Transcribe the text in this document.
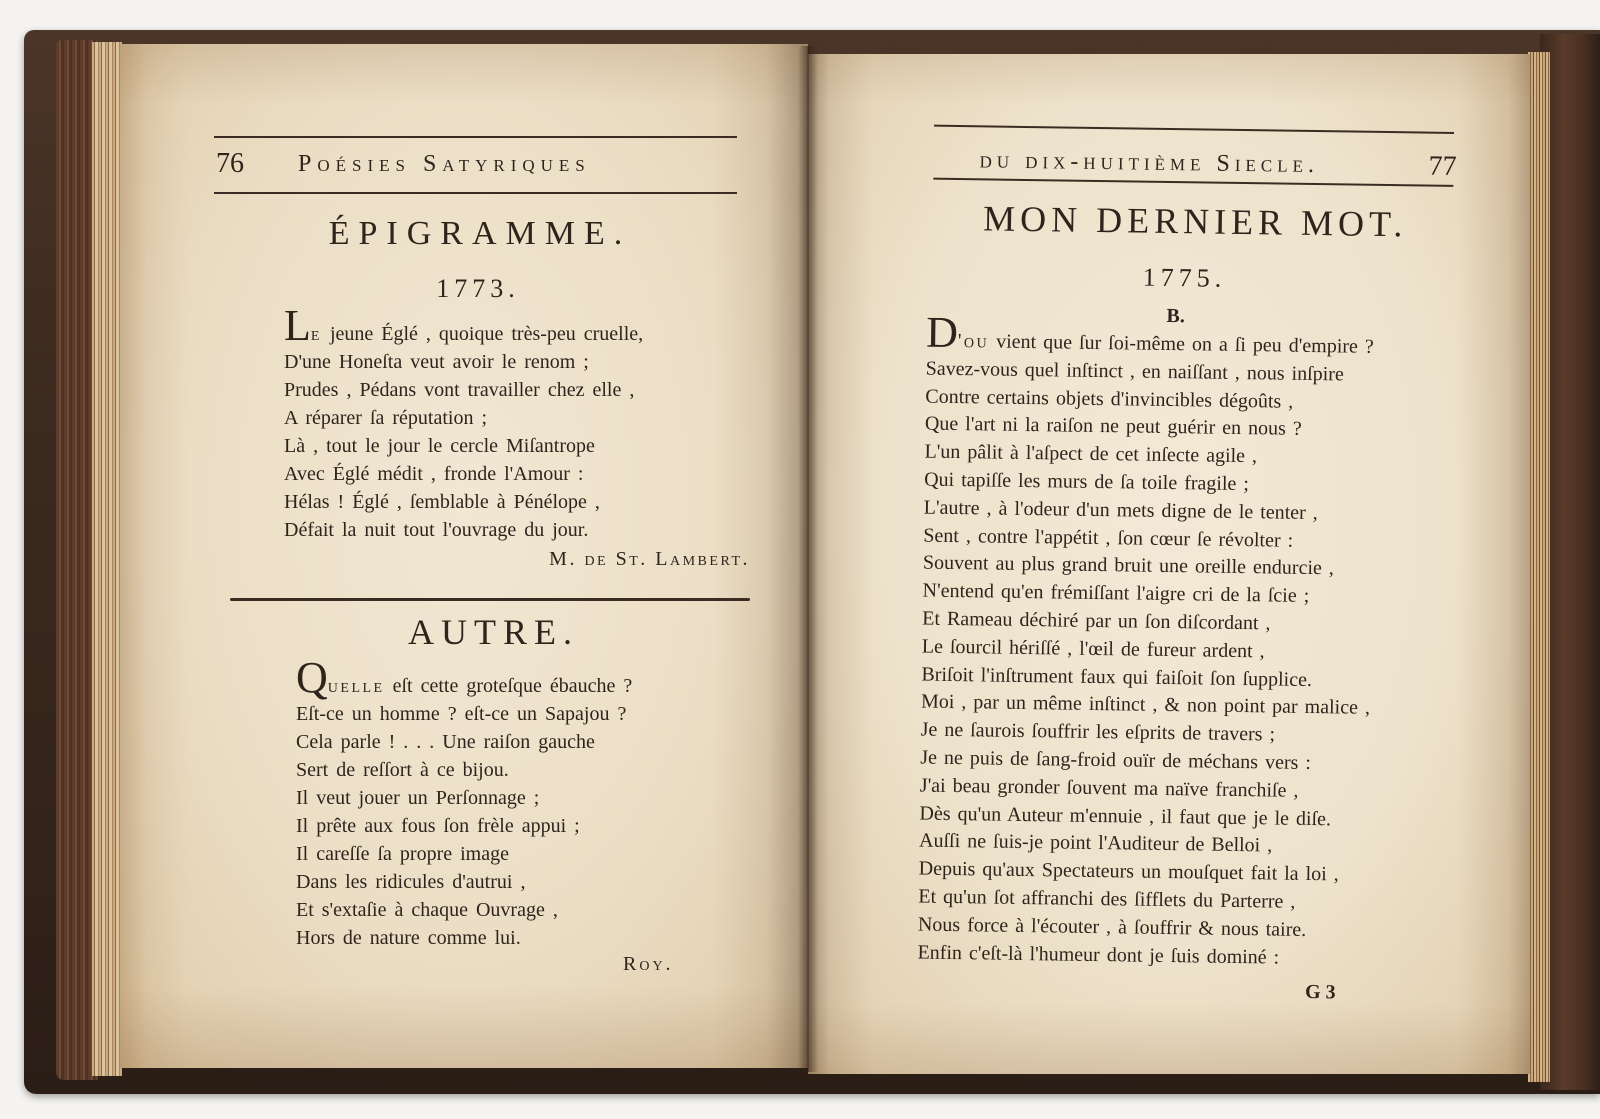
76 Poésies Satyriques
ÉPIGRAMME.
1773.
Le jeune Églé , quoique très-peu cruelle,
D'une Honeſta veut avoir le renom ;
Prudes , Pédans vont travailler chez elle ,
A réparer ſa réputation ;
Là , tout le jour le cercle Miſantrope
Avec Églé médit , fronde l'Amour :
Hélas ! Églé , ſemblable à Pénélope ,
Défait la nuit tout l'ouvrage du jour.
M. de St. Lambert.
AUTRE.
Quelle eſt cette groteſque ébauche ?
Eſt-ce un homme ? eſt-ce un Sapajou ?
Cela parle ! . . . Une raiſon gauche
Sert de reſſort à ce bijou.
Il veut jouer un Perſonnage ;
Il prête aux fous ſon frèle appui ;
Il careſſe ſa propre image
Dans les ridicules d'autrui ,
Et s'extaſie à chaque Ouvrage ,
Hors de nature comme lui.
Roy.
du dix-huitième Siecle.	77
MON DERNIER MOT.
1775.
B.
D'ou vient que ſur ſoi-même on a ſi peu d'empire ?
Savez-vous quel inſtinct , en naiſſant , nous inſpire
Contre certains objets d'invincibles dégoûts ,
Que l'art ni la raiſon ne peut guérir en nous ?
L'un pâlit à l'aſpect de cet inſecte agile ,
Qui tapiſſe les murs de ſa toile fragile ;
L'autre , à l'odeur d'un mets digne de le tenter ,
Sent , contre l'appétit , ſon cœur ſe révolter :
Souvent au plus grand bruit une oreille endurcie ,
N'entend qu'en frémiſſant l'aigre cri de la ſcie ;
Et Rameau déchiré par un ſon diſcordant ,
Le ſourcil hériſſé , l'œil de fureur ardent ,
Briſoit l'inſtrument faux qui faiſoit ſon ſupplice.
Moi , par un même inſtinct , & non point par malice ,
Je ne ſaurois ſouffrir les eſprits de travers ;
Je ne puis de ſang-froid ouïr de méchans vers :
J'ai beau gronder ſouvent ma naïve franchiſe ,
Dès qu'un Auteur m'ennuie , il faut que je le diſe.
Auſſi ne ſuis-je point l'Auditeur de Belloi ,
Depuis qu'aux Spectateurs un mouſquet fait la loi ,
Et qu'un ſot affranchi des ſifflets du Parterre ,
Nous force à l'écouter , à ſouffrir & nous taire.
Enfin c'eſt-là l'humeur dont je ſuis dominé :
G 3
